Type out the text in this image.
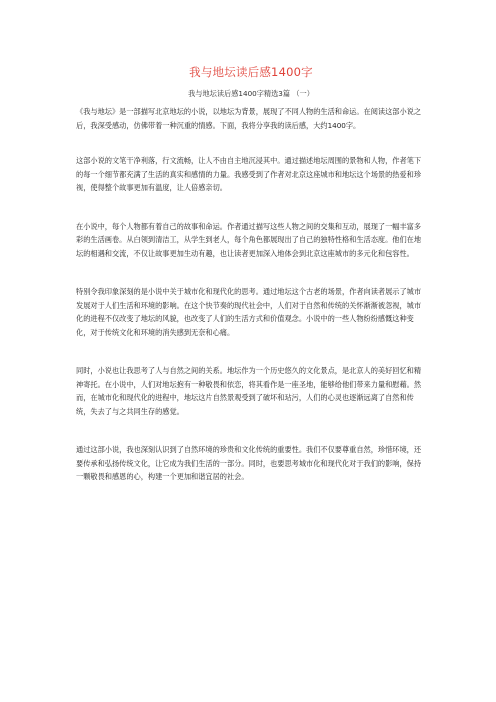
我与地坛读后感1400字
我与地坛读后感1400字精选3篇 （一）

《我与地坛》是一部描写北京地坛的小说，以地坛为背景，展现了不同人物的生活和命运。在阅读这部小说之后，我深受感动，仿佛带着一种沉重的情感。下面，我将分享我的读后感，大约1400字。

这部小说的文笔干净利落，行文流畅，让人不由自主地沉浸其中。通过描述地坛周围的景物和人物，作者笔下的每一个细节都充满了生活的真实和感情的力量。我感受到了作者对北京这座城市和地坛这个场景的热爱和珍视，使得整个故事更加有温度，让人倍感亲切。

在小说中，每个人物都有着自己的故事和命运。作者通过描写这些人物之间的交集和互动，展现了一幅丰富多彩的生活画卷。从白领到清洁工，从学生到老人，每个角色都展现出了自己的独特性格和生活态度。他们在地坛的相遇和交流，不仅让故事更加生动有趣，也让读者更加深入地体会到北京这座城市的多元化和包容性。

特别令我印象深刻的是小说中关于城市化和现代化的思考。通过地坛这个古老的场景，作者向读者展示了城市发展对于人们生活和环境的影响。在这个快节奏的现代社会中，人们对于自然和传统的关怀渐渐被忽视，城市化的进程不仅改变了地坛的风貌，也改变了人们的生活方式和价值观念。小说中的一些人物纷纷感慨这种变化，对于传统文化和环境的消失感到无奈和心痛。

同时，小说也让我思考了人与自然之间的关系。地坛作为一个历史悠久的文化景点，是北京人的美好回忆和精神寄托。在小说中，人们对地坛抱有一种敬畏和依恋，将其看作是一座圣地，能够给他们带来力量和慰藉。然而，在城市化和现代化的进程中，地坛这片自然景观受到了破坏和玷污，人们的心灵也逐渐远离了自然和传统，失去了与之共同生存的感觉。

通过这部小说，我也深刻认识到了自然环境的珍贵和文化传统的重要性。我们不仅要尊重自然，珍惜环境，还要传承和弘扬传统文化，让它成为我们生活的一部分。同时，也要思考城市化和现代化对于我们的影响，保持一颗敬畏和感恩的心，构建一个更加和谐宜居的社会。
